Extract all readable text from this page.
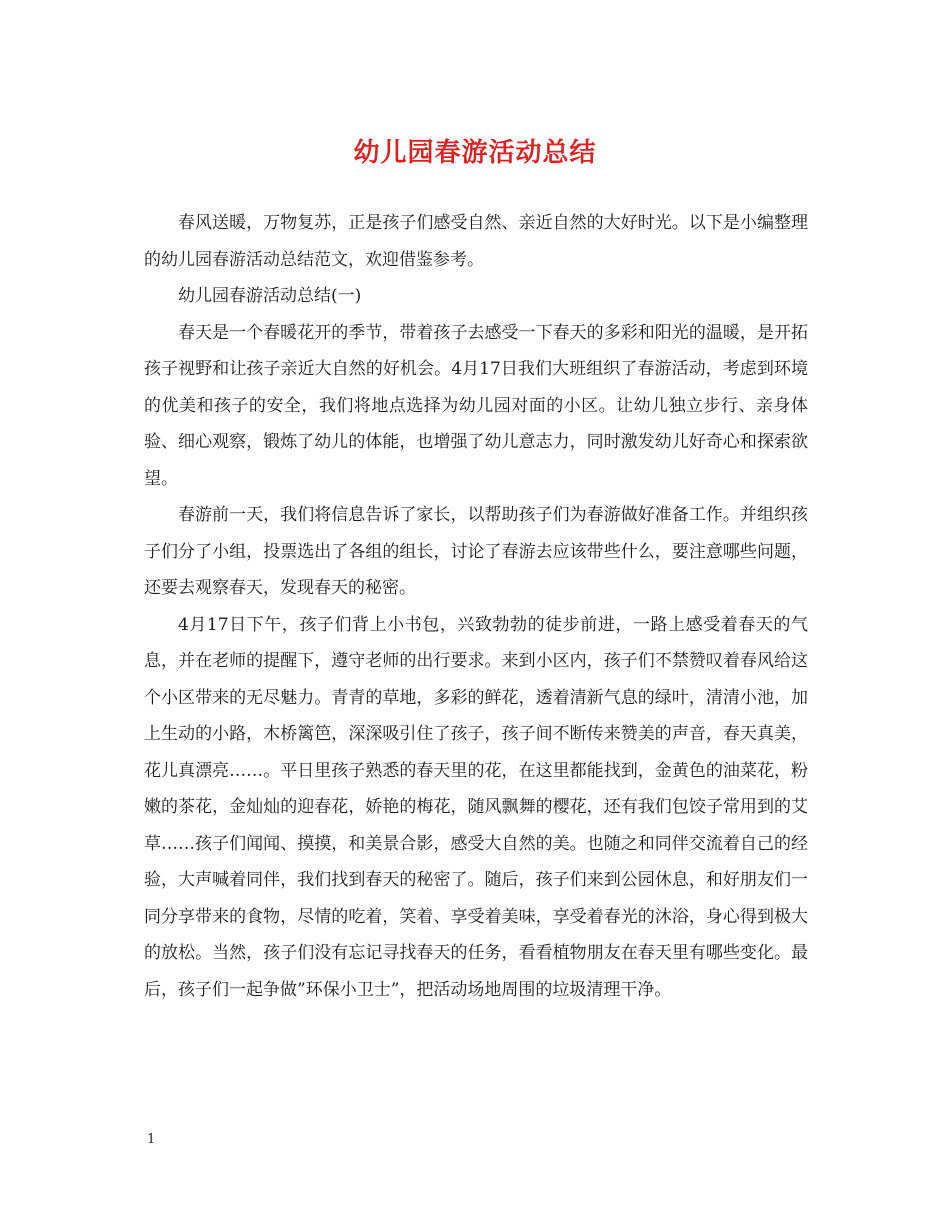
幼儿园春游活动总结

春风送暖，万物复苏，正是孩子们感受自然、亲近自然的大好时光。以下是小编整理的幼儿园春游活动总结范文，欢迎借鉴参考。

幼儿园春游活动总结(一)

春天是一个春暖花开的季节，带着孩子去感受一下春天的多彩和阳光的温暖，是开拓孩子视野和让孩子亲近大自然的好机会。4月17日我们大班组织了春游活动，考虑到环境的优美和孩子的安全，我们将地点选择为幼儿园对面的小区。让幼儿独立步行、亲身体验、细心观察，锻炼了幼儿的体能，也增强了幼儿意志力，同时激发幼儿好奇心和探索欲望。

春游前一天，我们将信息告诉了家长，以帮助孩子们为春游做好准备工作。并组织孩子们分了小组，投票选出了各组的组长，讨论了春游去应该带些什么，要注意哪些问题，还要去观察春天，发现春天的秘密。

4月17日下午，孩子们背上小书包，兴致勃勃的徒步前进，一路上感受着春天的气息，并在老师的提醒下，遵守老师的出行要求。来到小区内，孩子们不禁赞叹着春风给这个小区带来的无尽魅力。青青的草地，多彩的鲜花，透着清新气息的绿叶，清清小池，加上生动的小路，木桥篱笆，深深吸引住了孩子，孩子间不断传来赞美的声音，春天真美，花儿真漂亮……。平日里孩子熟悉的春天里的花，在这里都能找到，金黄色的油菜花，粉嫩的茶花，金灿灿的迎春花，娇艳的梅花，随风飘舞的樱花，还有我们包饺子常用到的艾草……孩子们闻闻、摸摸，和美景合影，感受大自然的美。也随之和同伴交流着自己的经验，大声喊着同伴，我们找到春天的秘密了。随后，孩子们来到公园休息，和好朋友们一同分享带来的食物，尽情的吃着，笑着、享受着美味，享受着春光的沐浴，身心得到极大的放松。当然，孩子们没有忘记寻找春天的任务，看看植物朋友在春天里有哪些变化。最后，孩子们一起争做”环保小卫士”，把活动场地周围的垃圾清理干净。

1
